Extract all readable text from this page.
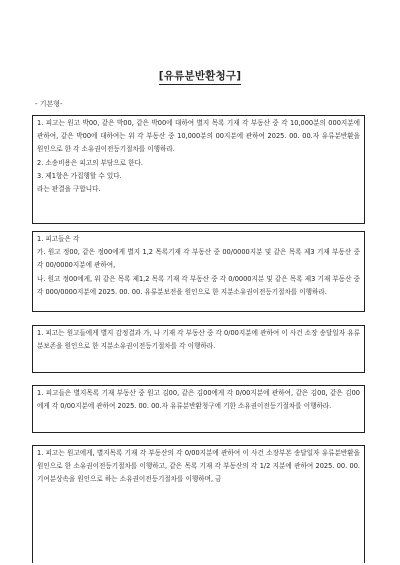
[유류분반환청구]
- 기본형-

1. 피고는 원고 박00, 같은 박00, 같은 박00에 대하여 별지 목록 기재 각 부동산 중 각 10,000분의 000지분에 관하여, 같은 박00에 대하여는 위 각 부동산 중 10,000분의 00지분에 관하여 2025. 00. 00.자 유류분반환을 원인으로 한 각 소유권이전등기절차를 이행하라.

2. 소송비용은 피고의 부담으로 한다.

3. 제1항은 가집행할 수 있다.

라는 판결을 구합니다.

1. 피고들은 각

가. 원고 정00, 같은 정00에게 별지 1,2 목록기재 각 부동산 중 00/0000지분 및 같은 목록 제3 기재 부동산 중 각 00/0000지분에 관하여,

나. 원고 정00에게, 위 같은 목록 제1,2 목록 기재 각 부동산 중 각 0/0000지분 및 같은 목록 제3 기재 부동산 중 각 000/0000지분에 2025. 00. 00. 유류분보전을 원인으로 한 지분소유권이전등기절차를 이행하라.

1. 피고는 원고들에게 별지 감정결과 가, 나 기재 각 부동산 중 각 0/00지분에 관하여 이 사건 소장 송달일자 유류분보존을 원인으로 한 지분소유권이전등기절차를 각 이행하라.

1. 피고들은 별지목록 기재 부동산 중 원고 김00, 같은 김00에게 각 0/00지분에 관하여, 같은 김00, 같은 김00에게 각 0/00지분에 관하여 2025. 00. 00.자 유류분반환청구에 기한 소유권이전등기절차를 이행하라.

1. 피고는 원고에게, 별지목록 기재 각 부동산의 각 0/00지분에 관하여 이 사건 소장부본 송달일자 유류분반환을 원인으로 한 소유권이전등기절차를 이행하고, 같은 목록 기재 각 부동산의 각 1/2 지분에 관하여 2025. 00. 00. 기여분상속을 원인으로 하는 소유권이전등기절차를 이행하며, 금
